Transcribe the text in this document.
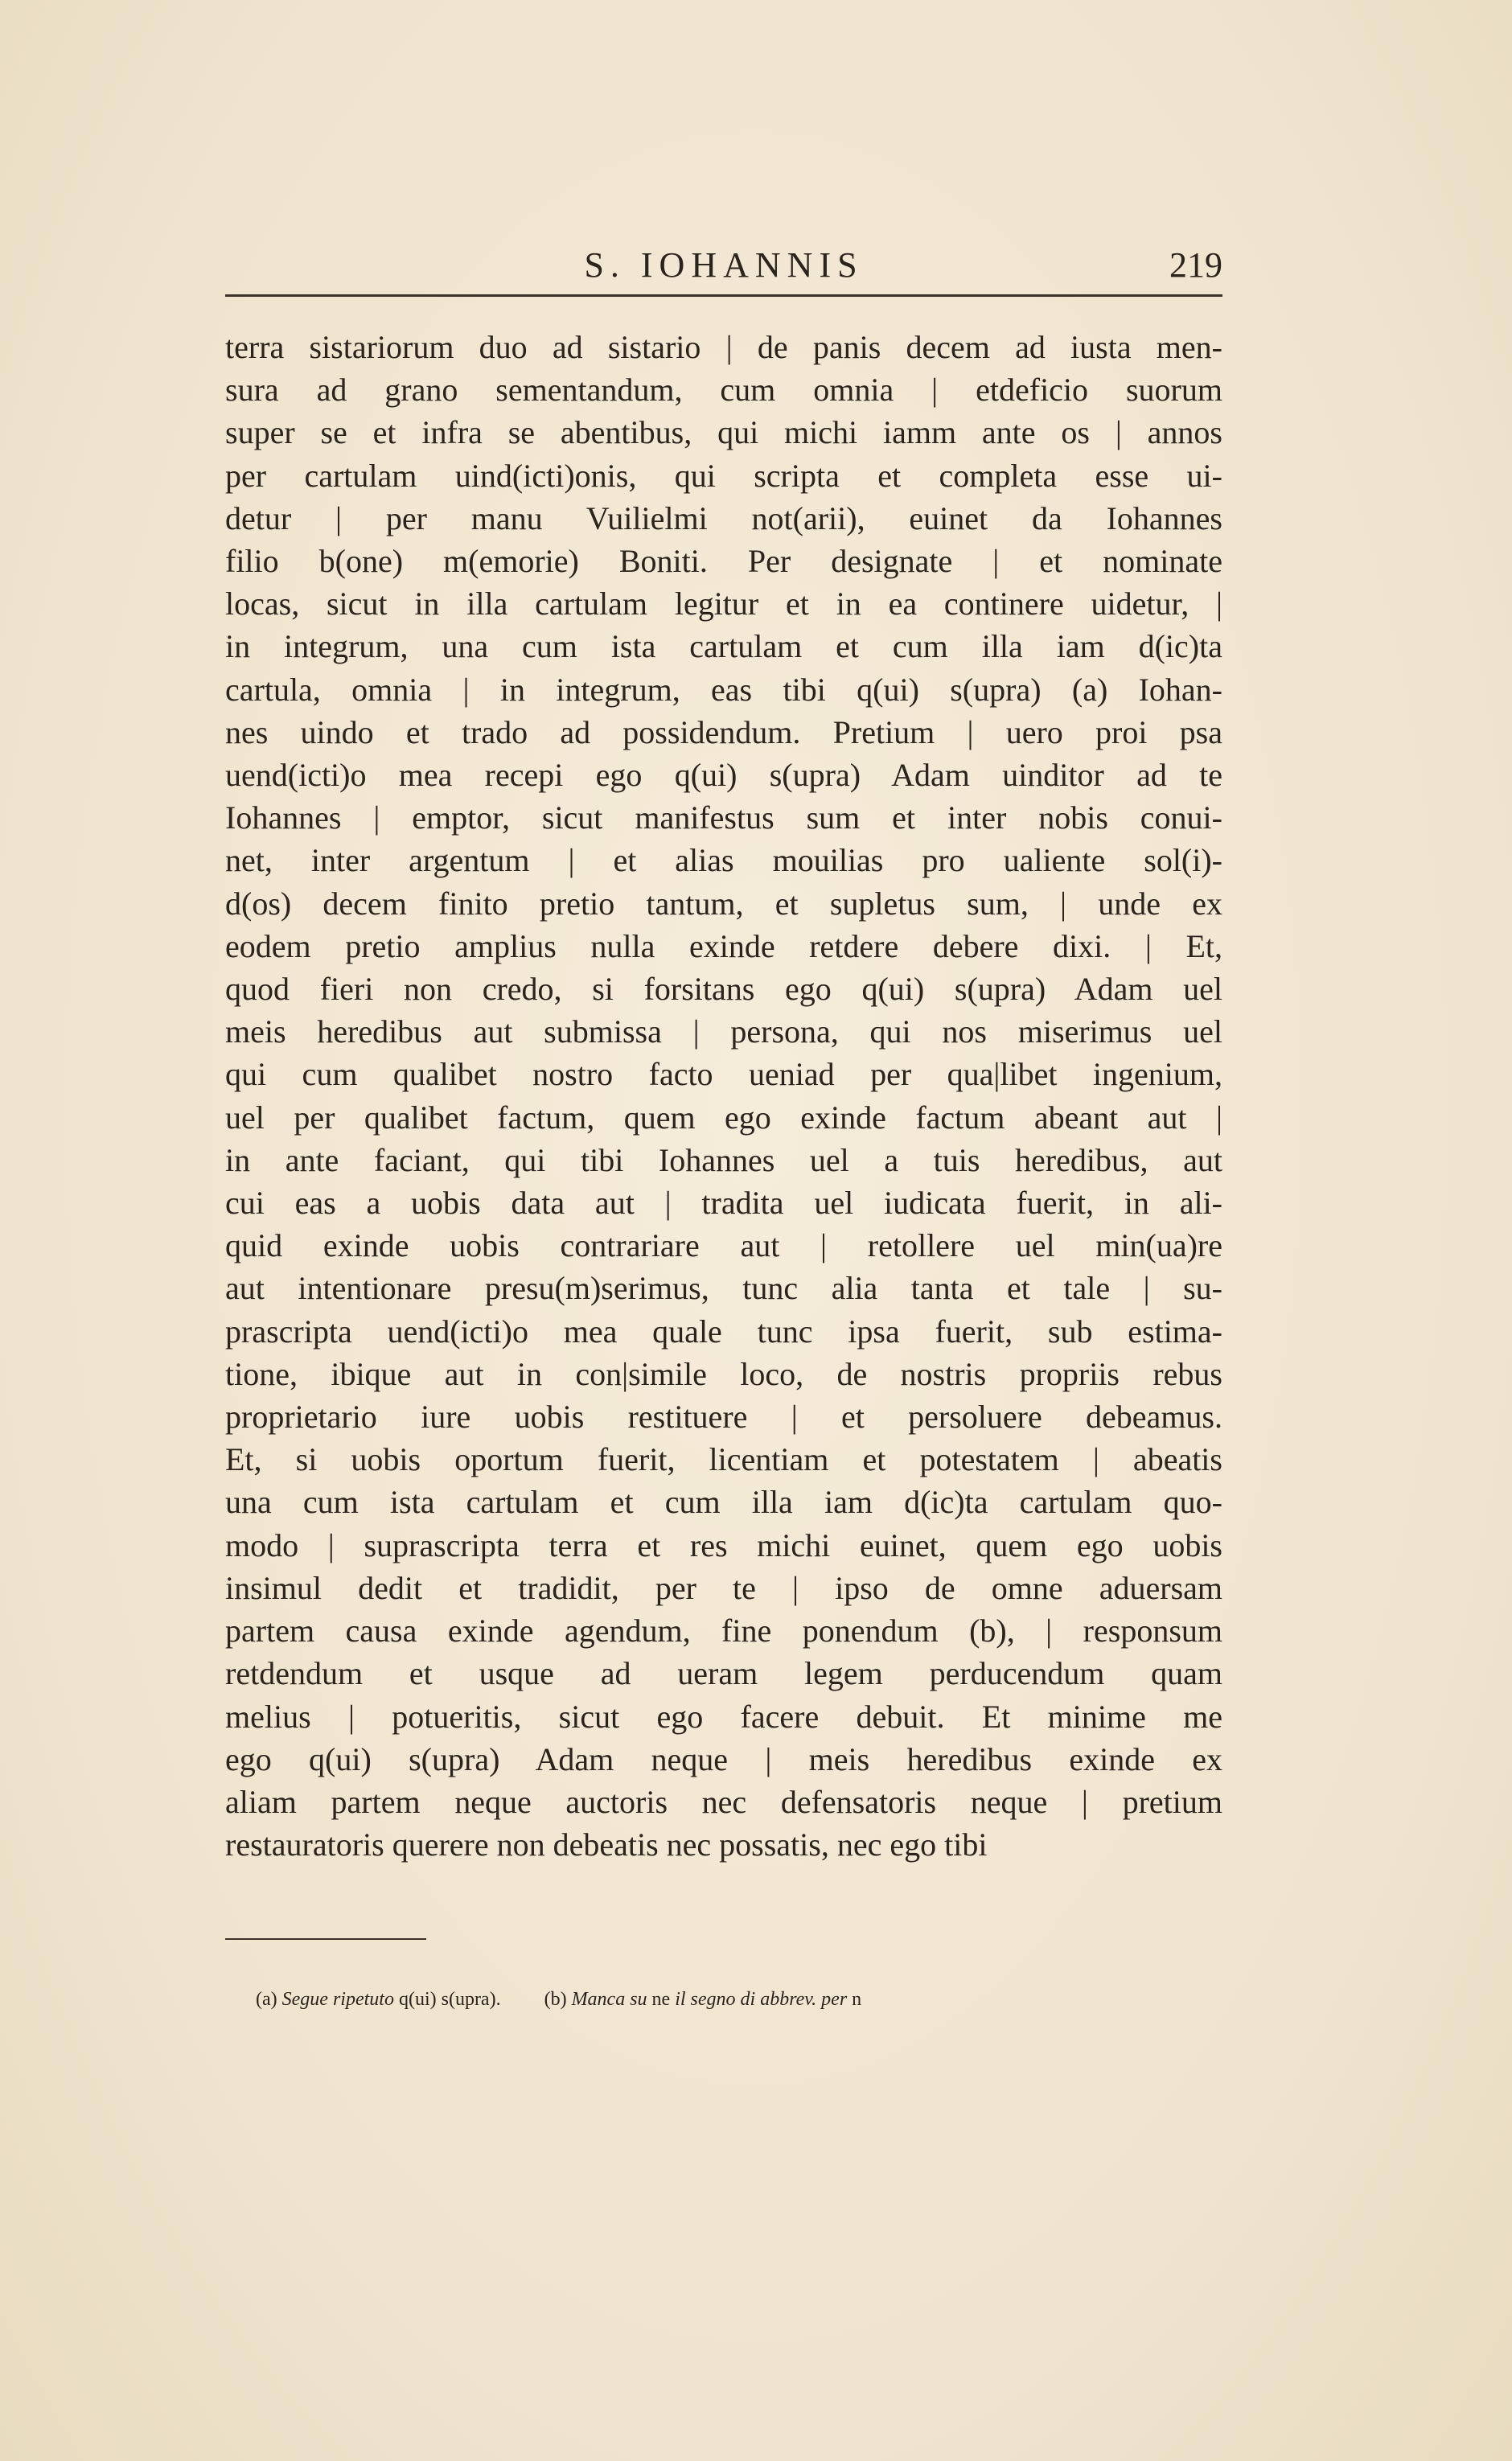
S. IOHANNIS	219
terra sistariorum duo ad sistario | de panis decem ad iusta men-
sura ad grano sementandum, cum omnia | etdeficio suorum
super se et infra se abentibus, qui michi iamm ante os | annos
per cartulam uind(icti)onis, qui scripta et completa esse ui-
detur | per manu Vuilielmi not(arii), euinet da Iohannes
filio b(one) m(emorie) Boniti. Per designate | et nominate
locas, sicut in illa cartulam legitur et in ea continere uidetur, |
in integrum, una cum ista cartulam et cum illa iam d(ic)ta
cartula, omnia | in integrum, eas tibi q(ui) s(upra) (a) Iohan-
nes uindo et trado ad possidendum. Pretium | uero proi psa
uend(icti)o mea recepi ego q(ui) s(upra) Adam uinditor ad te
Iohannes | emptor, sicut manifestus sum et inter nobis conui-
net, inter argentum | et alias mouilias pro ualiente sol(i)-
d(os) decem finito pretio tantum, et supletus sum, | unde ex
eodem pretio amplius nulla exinde retdere debere dixi. | Et,
quod fieri non credo, si forsitans ego q(ui) s(upra) Adam uel
meis heredibus aut submissa | persona, qui nos miserimus uel
qui cum qualibet nostro facto ueniad per qua|libet ingenium,
uel per qualibet factum, quem ego exinde factum abeant aut |
in ante faciant, qui tibi Iohannes uel a tuis heredibus, aut
cui eas a uobis data aut | tradita uel iudicata fuerit, in ali-
quid exinde uobis contrariare aut | retollere uel min(ua)re
aut intentionare presu(m)serimus, tunc alia tanta et tale | su-
prascripta uend(icti)o mea quale tunc ipsa fuerit, sub estima-
tione, ibique aut in con|simile loco, de nostris propriis rebus
proprietario iure uobis restituere | et persoluere debeamus.
Et, si uobis oportum fuerit, licentiam et potestatem | abeatis
una cum ista cartulam et cum illa iam d(ic)ta cartulam quo-
modo | suprascripta terra et res michi euinet, quem ego uobis
insimul dedit et tradidit, per te | ipso de omne aduersam
partem causa exinde agendum, fine ponendum (b), | responsum
retdendum et usque ad ueram legem perducendum quam
melius | potueritis, sicut ego facere debuit. Et minime me
ego q(ui) s(upra) Adam neque | meis heredibus exinde ex
aliam partem neque auctoris nec defensatoris neque | pretium
restauratoris querere non debeatis nec possatis, nec ego tibi
(a) Segue ripetuto q(ui) s(upra). (b) Manca su ne il segno di abbrev. per n
